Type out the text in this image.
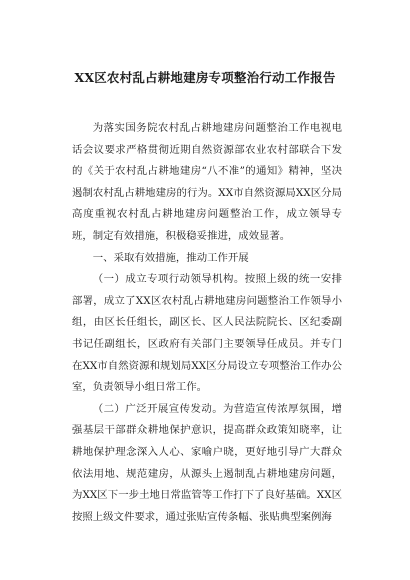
XX区农村乱占耕地建房专项整治行动工作报告

为落实国务院农村乱占耕地建房问题整治工作电视电话会议要求严格贯彻近期自然资源部农业农村部联合下发的《关于农村乱占耕地建房“八不准”的通知》精神，坚决遏制农村乱占耕地建房的行为。XX市自然资源局XX区分局高度重视农村乱占耕地建房问题整治工作，成立领导专班，制定有效措施，积极稳妥推进，成效显著。

一、采取有效措施，推动工作开展

（一）成立专项行动领导机构。按照上级的统一安排部署，成立了XX区农村乱占耕地建房问题整治工作领导小组，由区长任组长，副区长、区人民法院院长、区纪委副书记任副组长，区政府有关部门主要领导任成员。并专门在XX市自然资源和规划局XX区分局设立专项整治工作办公室，负责领导小组日常工作。

（二）广泛开展宣传发动。为营造宣传浓厚氛围，增强基层干部群众耕地保护意识，提高群众政策知晓率，让耕地保护理念深入人心、家喻户晓，更好地引导广大群众依法用地、规范建房，从源头上遏制乱占耕地建房问题，为XX区下一步土地日常监管等工作打下了良好基础。XX区按照上级文件要求，通过张贴宣传条幅、张贴典型案例海
